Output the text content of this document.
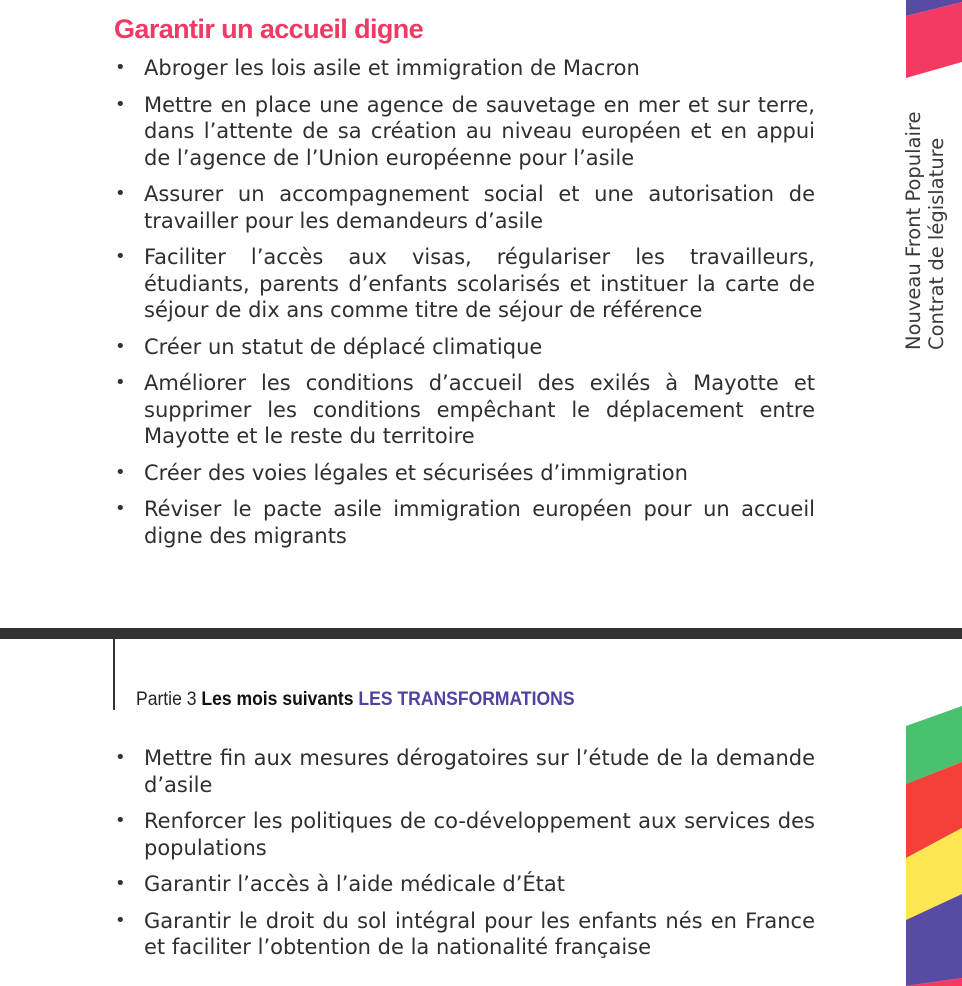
Garantir un accueil digne
• Abroger les lois asile et immigration de Macron
• Mettre en place une agence de sauvetage en mer et sur terre, dans l’attente de sa création au niveau européen et en appui de l’agence de l’Union européenne pour l’asile
• Assurer un accompagnement social et une autorisation de travailler pour les demandeurs d’asile
• Faciliter l’accès aux visas, régulariser les travailleurs, étudiants, parents d’enfants scolarisés et instituer la carte de séjour de dix ans comme titre de séjour de référence
• Créer un statut de déplacé climatique
• Améliorer les conditions d’accueil des exilés à Mayotte et supprimer les conditions empêchant le déplacement entre Mayotte et le reste du territoire
• Créer des voies légales et sécurisées d’immigration
• Réviser le pacte asile immigration européen pour un accueil digne des migrants
Nouveau Front Populaire Contrat de législature
Partie 3 Les mois suivants LES TRANSFORMATIONS
• Mettre fin aux mesures dérogatoires sur l’étude de la demande d’asile
• Renforcer les politiques de co-développement aux services des populations
• Garantir l’accès à l’aide médicale d’État
• Garantir le droit du sol intégral pour les enfants nés en France et faciliter l’obtention de la nationalité française
